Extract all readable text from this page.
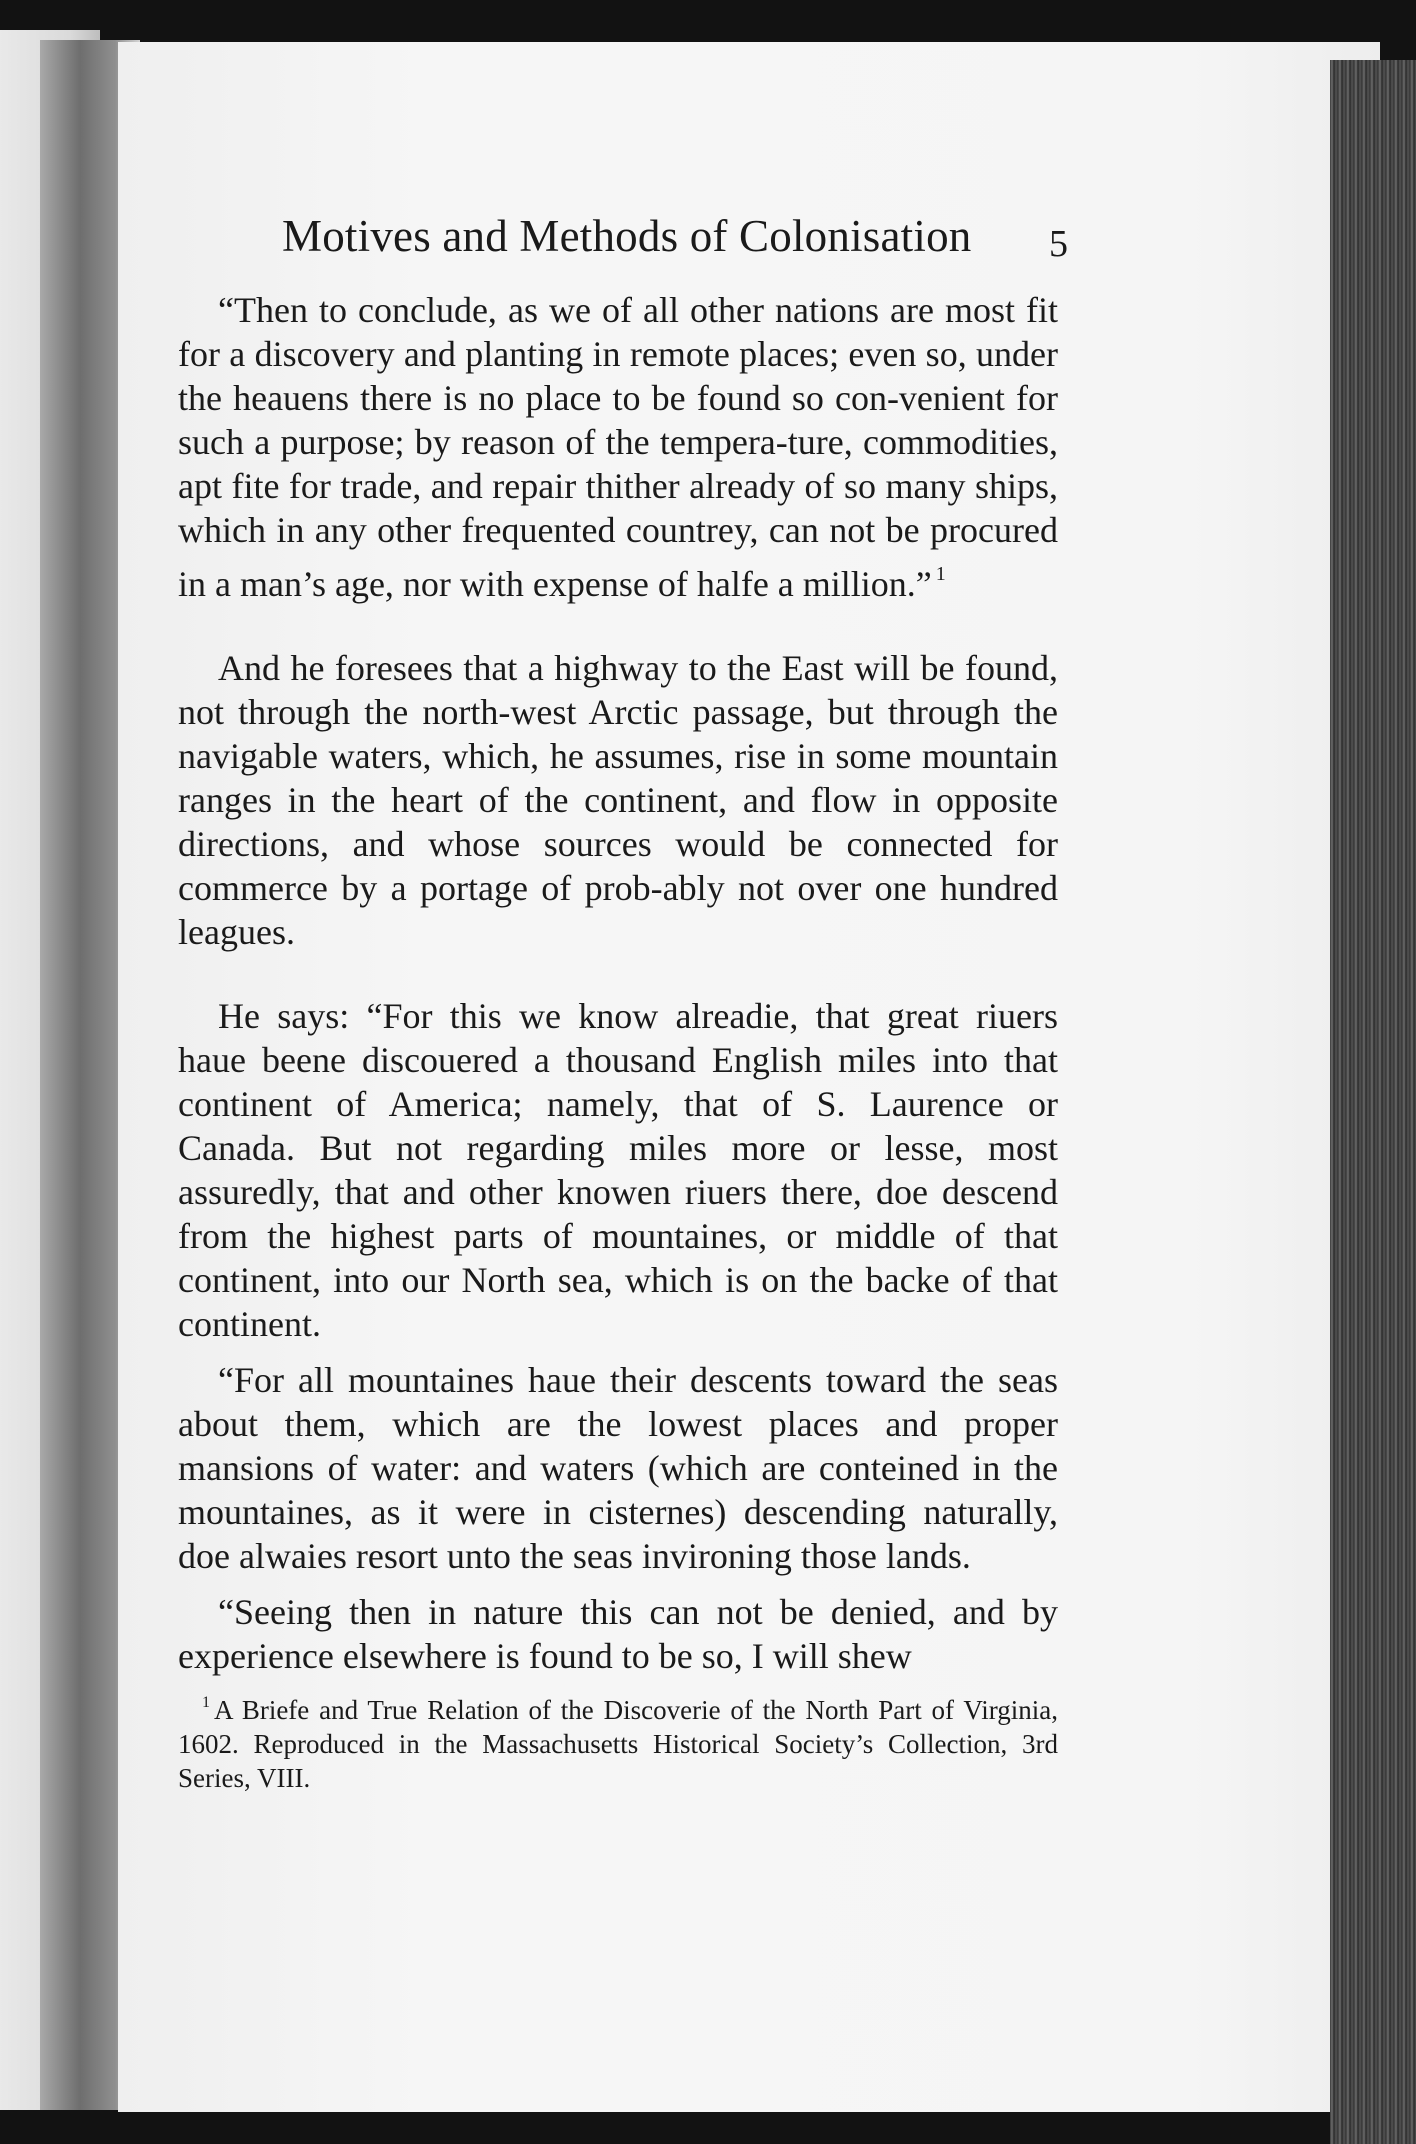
Motives and Methods of Colonisation 5

“Then to conclude, as we of all other nations are most fit for a discovery and planting in remote places; even so, under the heauens there is no place to be found so con-venient for such a purpose; by reason of the tempera-ture, commodities, apt fite for trade, and repair thither already of so many ships, which in any other frequented countrey, can not be procured in a man’s age, nor with expense of halfe a million.” $^1$

And he foresees that a highway to the East will be found, not through the north-west Arctic passage, but through the navigable waters, which, he assumes, rise in some mountain ranges in the heart of the continent, and flow in opposite directions, and whose sources would be connected for commerce by a portage of prob-ably not over one hundred leagues.

He says: “For this we know alreadie, that great riuers haue beene discouered a thousand English miles into that continent of America; namely, that of S. Laurence or Canada. But not regarding miles more or lesse, most assuredly, that and other knowen riuers there, doe descend from the highest parts of mountaines, or middle of that continent, into our North sea, which is on the backe of that continent.

“For all mountaines haue their descents toward the seas about them, which are the lowest places and proper mansions of water: and waters (which are conteined in the mountaines, as it were in cisternes) descending naturally, doe alwaies resort unto the seas invironing those lands.

“Seeing then in nature this can not be denied, and by experience elsewhere is found to be so, I will shew

$^1$ A Briefe and True Relation of the Discoverie of the North Part of Virginia, 1602. Reproduced in the Massachusetts Historical Society’s Collection, 3rd Series, VIII.
